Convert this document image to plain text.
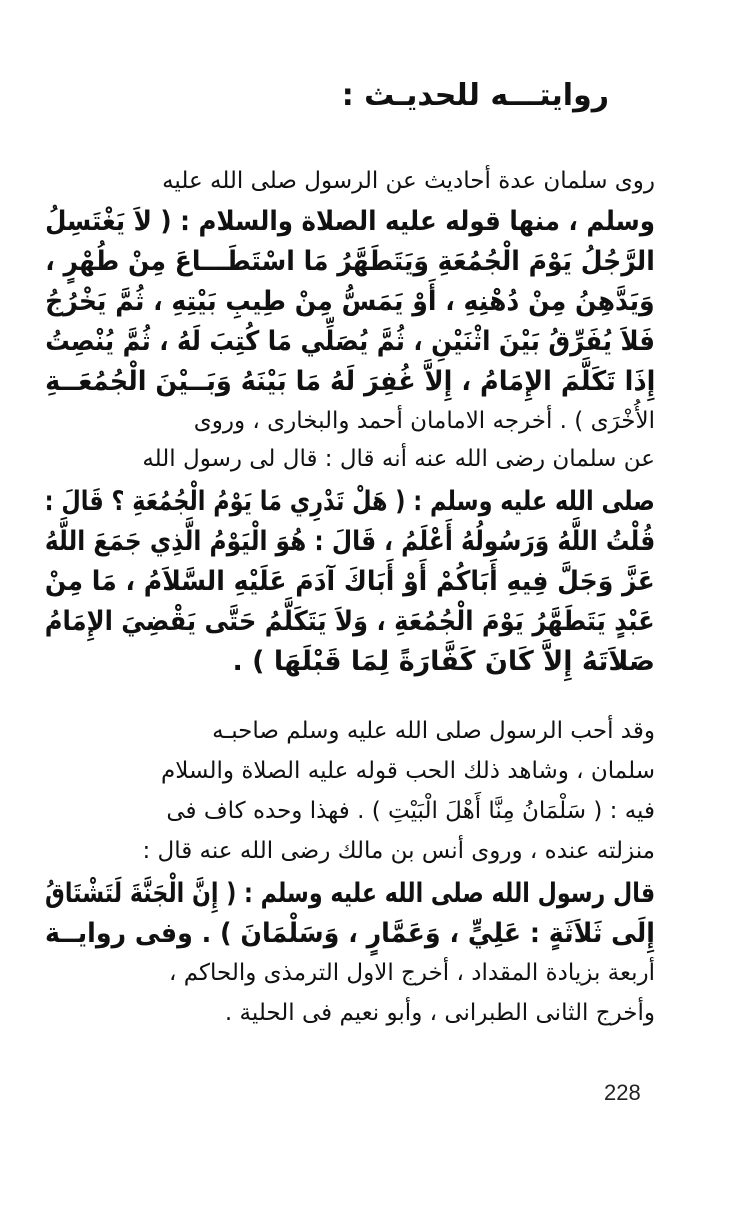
روايتـــه للحديـث :
روى سلمان عدة أحاديث عن الرسول صلى الله عليه
وسلم ، منها قوله عليه الصلاة والسلام : ( لاَ يَغْتَسِلُ
الرَّجُلُ يَوْمَ الْجُمُعَةِ وَيَتَطَهَّرُ مَا اسْتَطَـــاعَ مِنْ طُهْرٍ ،
وَيَدَّهِنُ مِنْ دُهْنِهِ ، أَوْ يَمَسُّ مِنْ طِيبِ بَيْتِهِ ، ثُمَّ يَخْرُجُ
فَلاَ يُفَرِّقُ بَيْنَ اثْنَيْنِ ، ثُمَّ يُصَلِّي مَا كُتِبَ لَهُ ، ثُمَّ يُنْصِتُ
إِذَا تَكَلَّمَ الإِمَامُ ، إِلاَّ غُفِرَ لَهُ مَا بَيْنَهُ وَبَــيْنَ الْجُمُعَــةِ
الأُخْرَى ) . أخرجه الامامان أحمد والبخارى ، وروى
عن سلمان رضى الله عنه أنه قال : قال لى رسول الله
صلى الله عليه وسلم : ( هَلْ تَدْرِي مَا يَوْمُ الْجُمُعَةِ ؟ قَالَ :
قُلْتُ اللَّهُ وَرَسُولُهُ أَعْلَمُ ، قَالَ : هُوَ الْيَوْمُ الَّذِي جَمَعَ اللَّهُ
عَزَّ وَجَلَّ فِيهِ أَبَاكُمْ أَوْ أَبَاكَ آدَمَ عَلَيْهِ السَّلاَمُ ، مَا مِنْ
عَبْدٍ يَتَطَهَّرُ يَوْمَ الْجُمُعَةِ ، وَلاَ يَتَكَلَّمُ حَتَّى يَقْضِيَ الإِمَامُ
صَلاَتَهُ إِلاَّ كَانَ كَفَّارَةً لِمَا قَبْلَهَا ) .
وقد أحب الرسول صلى الله عليه وسلم صاحبـه
سلمان ، وشاهد ذلك الحب قوله عليه الصلاة والسلام
فيه : ( سَلْمَانُ مِنَّا أَهْلَ الْبَيْتِ ) . فهذا وحده كاف فى
منزلته عنده ، وروى أنس بن مالك رضى الله عنه قال :
قال رسول الله صلى الله عليه وسلم : ( إِنَّ الْجَنَّةَ لَتَشْتَاقُ
إِلَى ثَلاَثَةٍ : عَلِيٍّ ، وَعَمَّارٍ ، وَسَلْمَانَ ) . وفى روايــة
أربعة بزيادة المقداد ، أخرج الاول الترمذى والحاكم ،
وأخرج الثانى الطبرانى ، وأبو نعيم فى الحلية .
228
